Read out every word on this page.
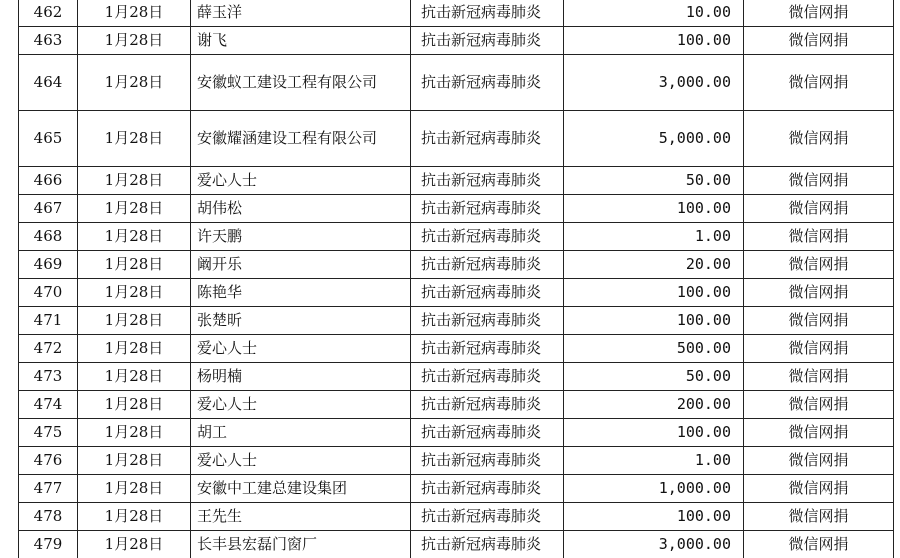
462	1月28日	薛玉洋	抗击新冠病毒肺炎	10.00	微信网捐
463	1月28日	谢飞	抗击新冠病毒肺炎	100.00	微信网捐
464	1月28日	安徽蚁工建设工程有限公司	抗击新冠病毒肺炎	3,000.00	微信网捐
465	1月28日	安徽耀涵建设工程有限公司	抗击新冠病毒肺炎	5,000.00	微信网捐
466	1月28日	爱心人士	抗击新冠病毒肺炎	50.00	微信网捐
467	1月28日	胡伟松	抗击新冠病毒肺炎	100.00	微信网捐
468	1月28日	许天鹏	抗击新冠病毒肺炎	1.00	微信网捐
469	1月28日	阚开乐	抗击新冠病毒肺炎	20.00	微信网捐
470	1月28日	陈艳华	抗击新冠病毒肺炎	100.00	微信网捐
471	1月28日	张楚昕	抗击新冠病毒肺炎	100.00	微信网捐
472	1月28日	爱心人士	抗击新冠病毒肺炎	500.00	微信网捐
473	1月28日	杨明楠	抗击新冠病毒肺炎	50.00	微信网捐
474	1月28日	爱心人士	抗击新冠病毒肺炎	200.00	微信网捐
475	1月28日	胡工	抗击新冠病毒肺炎	100.00	微信网捐
476	1月28日	爱心人士	抗击新冠病毒肺炎	1.00	微信网捐
477	1月28日	安徽中工建总建设集团	抗击新冠病毒肺炎	1,000.00	微信网捐
478	1月28日	王先生	抗击新冠病毒肺炎	100.00	微信网捐
479	1月28日	长丰县宏磊门窗厂	抗击新冠病毒肺炎	3,000.00	微信网捐
